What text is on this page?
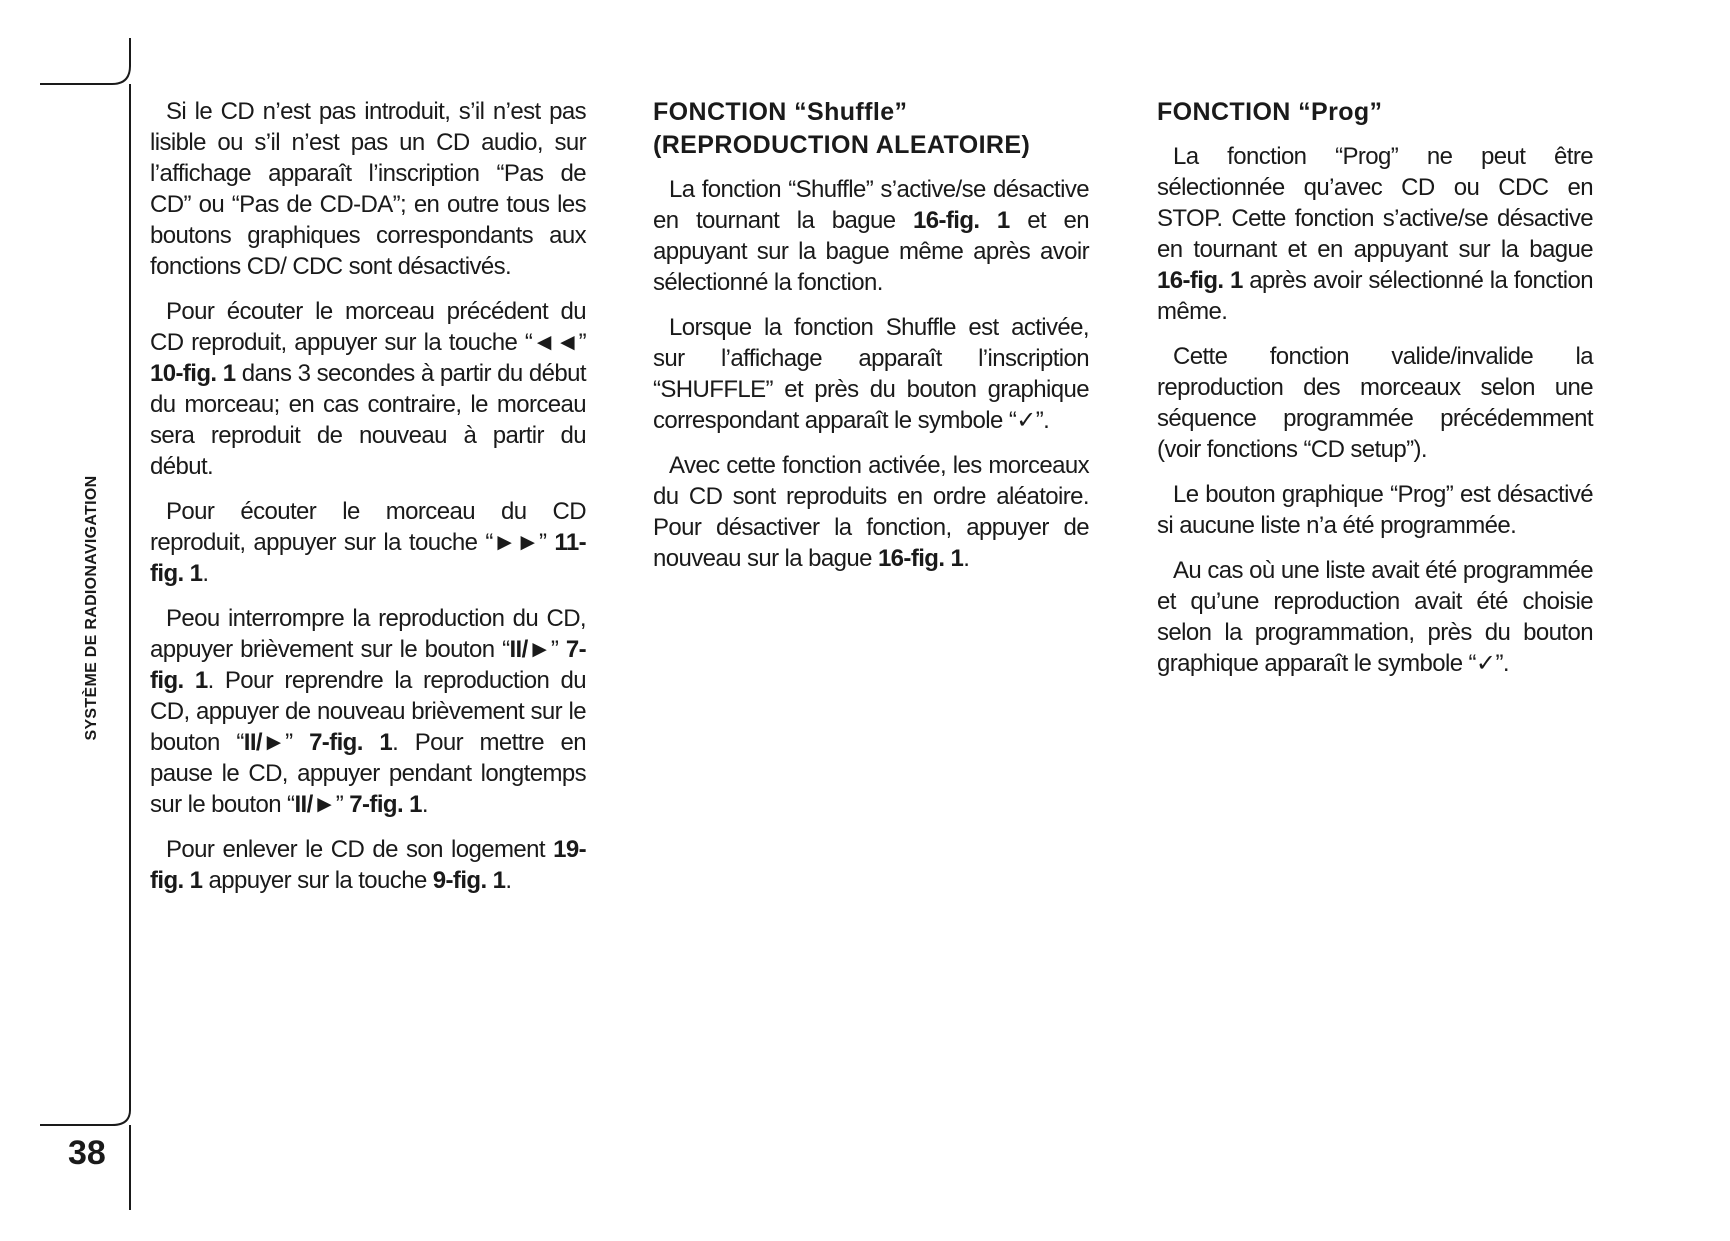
SYSTÈME DE RADIONAVIGATION
38

Si le CD n’est pas introduit, s’il n’est pas lisible ou s’il n’est pas un CD audio, sur l’affichage apparaît l’inscription “Pas de CD” ou “Pas de CD-DA”; en outre tous les boutons graphiques correspondants aux fonctions CD/ CDC sont désactivés.

Pour écouter le morceau précédent du CD reproduit, appuyer sur la touche “◄◄” 10-fig. 1 dans 3 secondes à partir du début du morceau; en cas contraire, le morceau sera reproduit de nouveau à partir du début.

Pour écouter le morceau du CD reproduit, appuyer sur la touche “►►” 11-fig. 1.

Peou interrompre la reproduction du CD, appuyer brièvement sur le bouton “II/►” 7-fig. 1. Pour reprendre la reproduction du CD, appuyer de nouveau brièvement sur le bouton “II/►” 7-fig. 1. Pour mettre en pause le CD, appuyer pendant longtemps sur le bouton “II/►” 7-fig. 1.

Pour enlever le CD de son logement 19-fig. 1 appuyer sur la touche 9-fig. 1.

FONCTION “Shuffle”
(REPRODUCTION ALEATOIRE)

La fonction “Shuffle” s’active/se désactive en tournant la bague 16-fig. 1 et en appuyant sur la bague même après avoir sélectionné la fonction.

Lorsque la fonction Shuffle est activée, sur l’affichage apparaît l’inscription “SHUFFLE” et près du bouton graphique correspondant apparaît le symbole “✓”.

Avec cette fonction activée, les morceaux du CD sont reproduits en ordre aléatoire. Pour désactiver la fonction, appuyer de nouveau sur la bague 16-fig. 1.

FONCTION “Prog”

La fonction “Prog” ne peut être sélectionnée qu’avec CD ou CDC en STOP. Cette fonction s’active/se désactive en tournant et en appuyant sur la bague 16-fig. 1 après avoir sélectionné la fonction même.

Cette fonction valide/invalide la reproduction des morceaux selon une séquence programmée précédemment (voir fonctions “CD setup”).

Le bouton graphique “Prog” est désactivé si aucune liste n’a été programmée.

Au cas où une liste avait été programmée et qu’une reproduction avait été choisie selon la programmation, près du bouton graphique apparaît le symbole “✓”.
